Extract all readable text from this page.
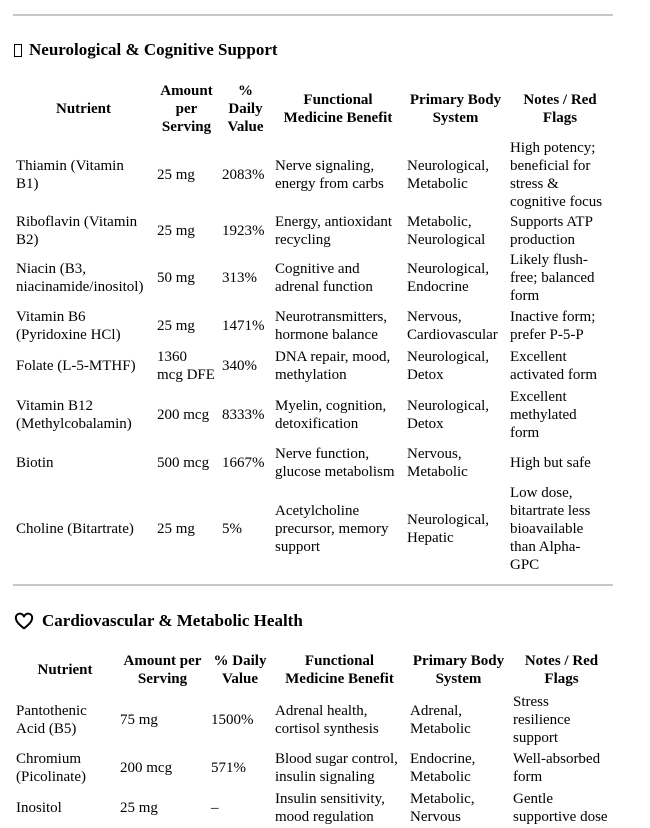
Neurological & Cognitive Support
Nutrient	Amount per Serving	% Daily Value	Functional Medicine Benefit	Primary Body System	Notes / Red Flags
Thiamin (Vitamin B1)	25 mg	2083%	Nerve signaling, energy from carbs	Neurological, Metabolic	High potency; beneficial for stress & cognitive focus
Riboflavin (Vitamin B2)	25 mg	1923%	Energy, antioxidant recycling	Metabolic, Neurological	Supports ATP production
Niacin (B3, niacinamide/inositol)	50 mg	313%	Cognitive and adrenal function	Neurological, Endocrine	Likely flush-free; balanced form
Vitamin B6 (Pyridoxine HCl)	25 mg	1471%	Neurotransmitters, hormone balance	Nervous, Cardiovascular	Inactive form; prefer P-5-P
Folate (L-5-MTHF)	1360 mcg DFE	340%	DNA repair, mood, methylation	Neurological, Detox	Excellent activated form
Vitamin B12 (Methylcobalamin)	200 mcg	8333%	Myelin, cognition, detoxification	Neurological, Detox	Excellent methylated form
Biotin	500 mcg	1667%	Nerve function, glucose metabolism	Nervous, Metabolic	High but safe
Choline (Bitartrate)	25 mg	5%	Acetylcholine precursor, memory support	Neurological, Hepatic	Low dose, bitartrate less bioavailable than Alpha-GPC
Cardiovascular & Metabolic Health
Nutrient	Amount per Serving	% Daily Value	Functional Medicine Benefit	Primary Body System	Notes / Red Flags
Pantothenic Acid (B5)	75 mg	1500%	Adrenal health, cortisol synthesis	Adrenal, Metabolic	Stress resilience support
Chromium (Picolinate)	200 mcg	571%	Blood sugar control, insulin signaling	Endocrine, Metabolic	Well-absorbed form
Inositol	25 mg	–	Insulin sensitivity, mood regulation	Metabolic, Nervous	Gentle supportive dose
